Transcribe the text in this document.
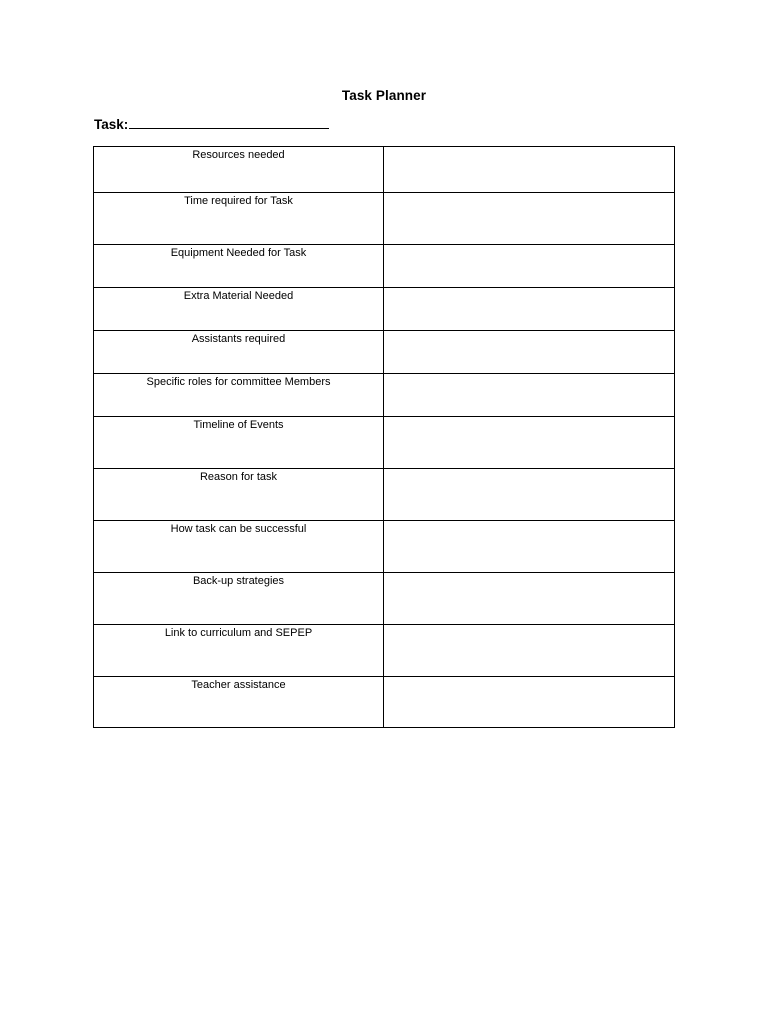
Task Planner
Task:
Resources needed	
Time required for Task	
Equipment Needed for Task	
Extra Material Needed	
Assistants required	
Specific roles for committee Members	
Timeline of Events	
Reason for task	
How task can be successful	
Back-up strategies	
Link to curriculum and SEPEP	
Teacher assistance	
